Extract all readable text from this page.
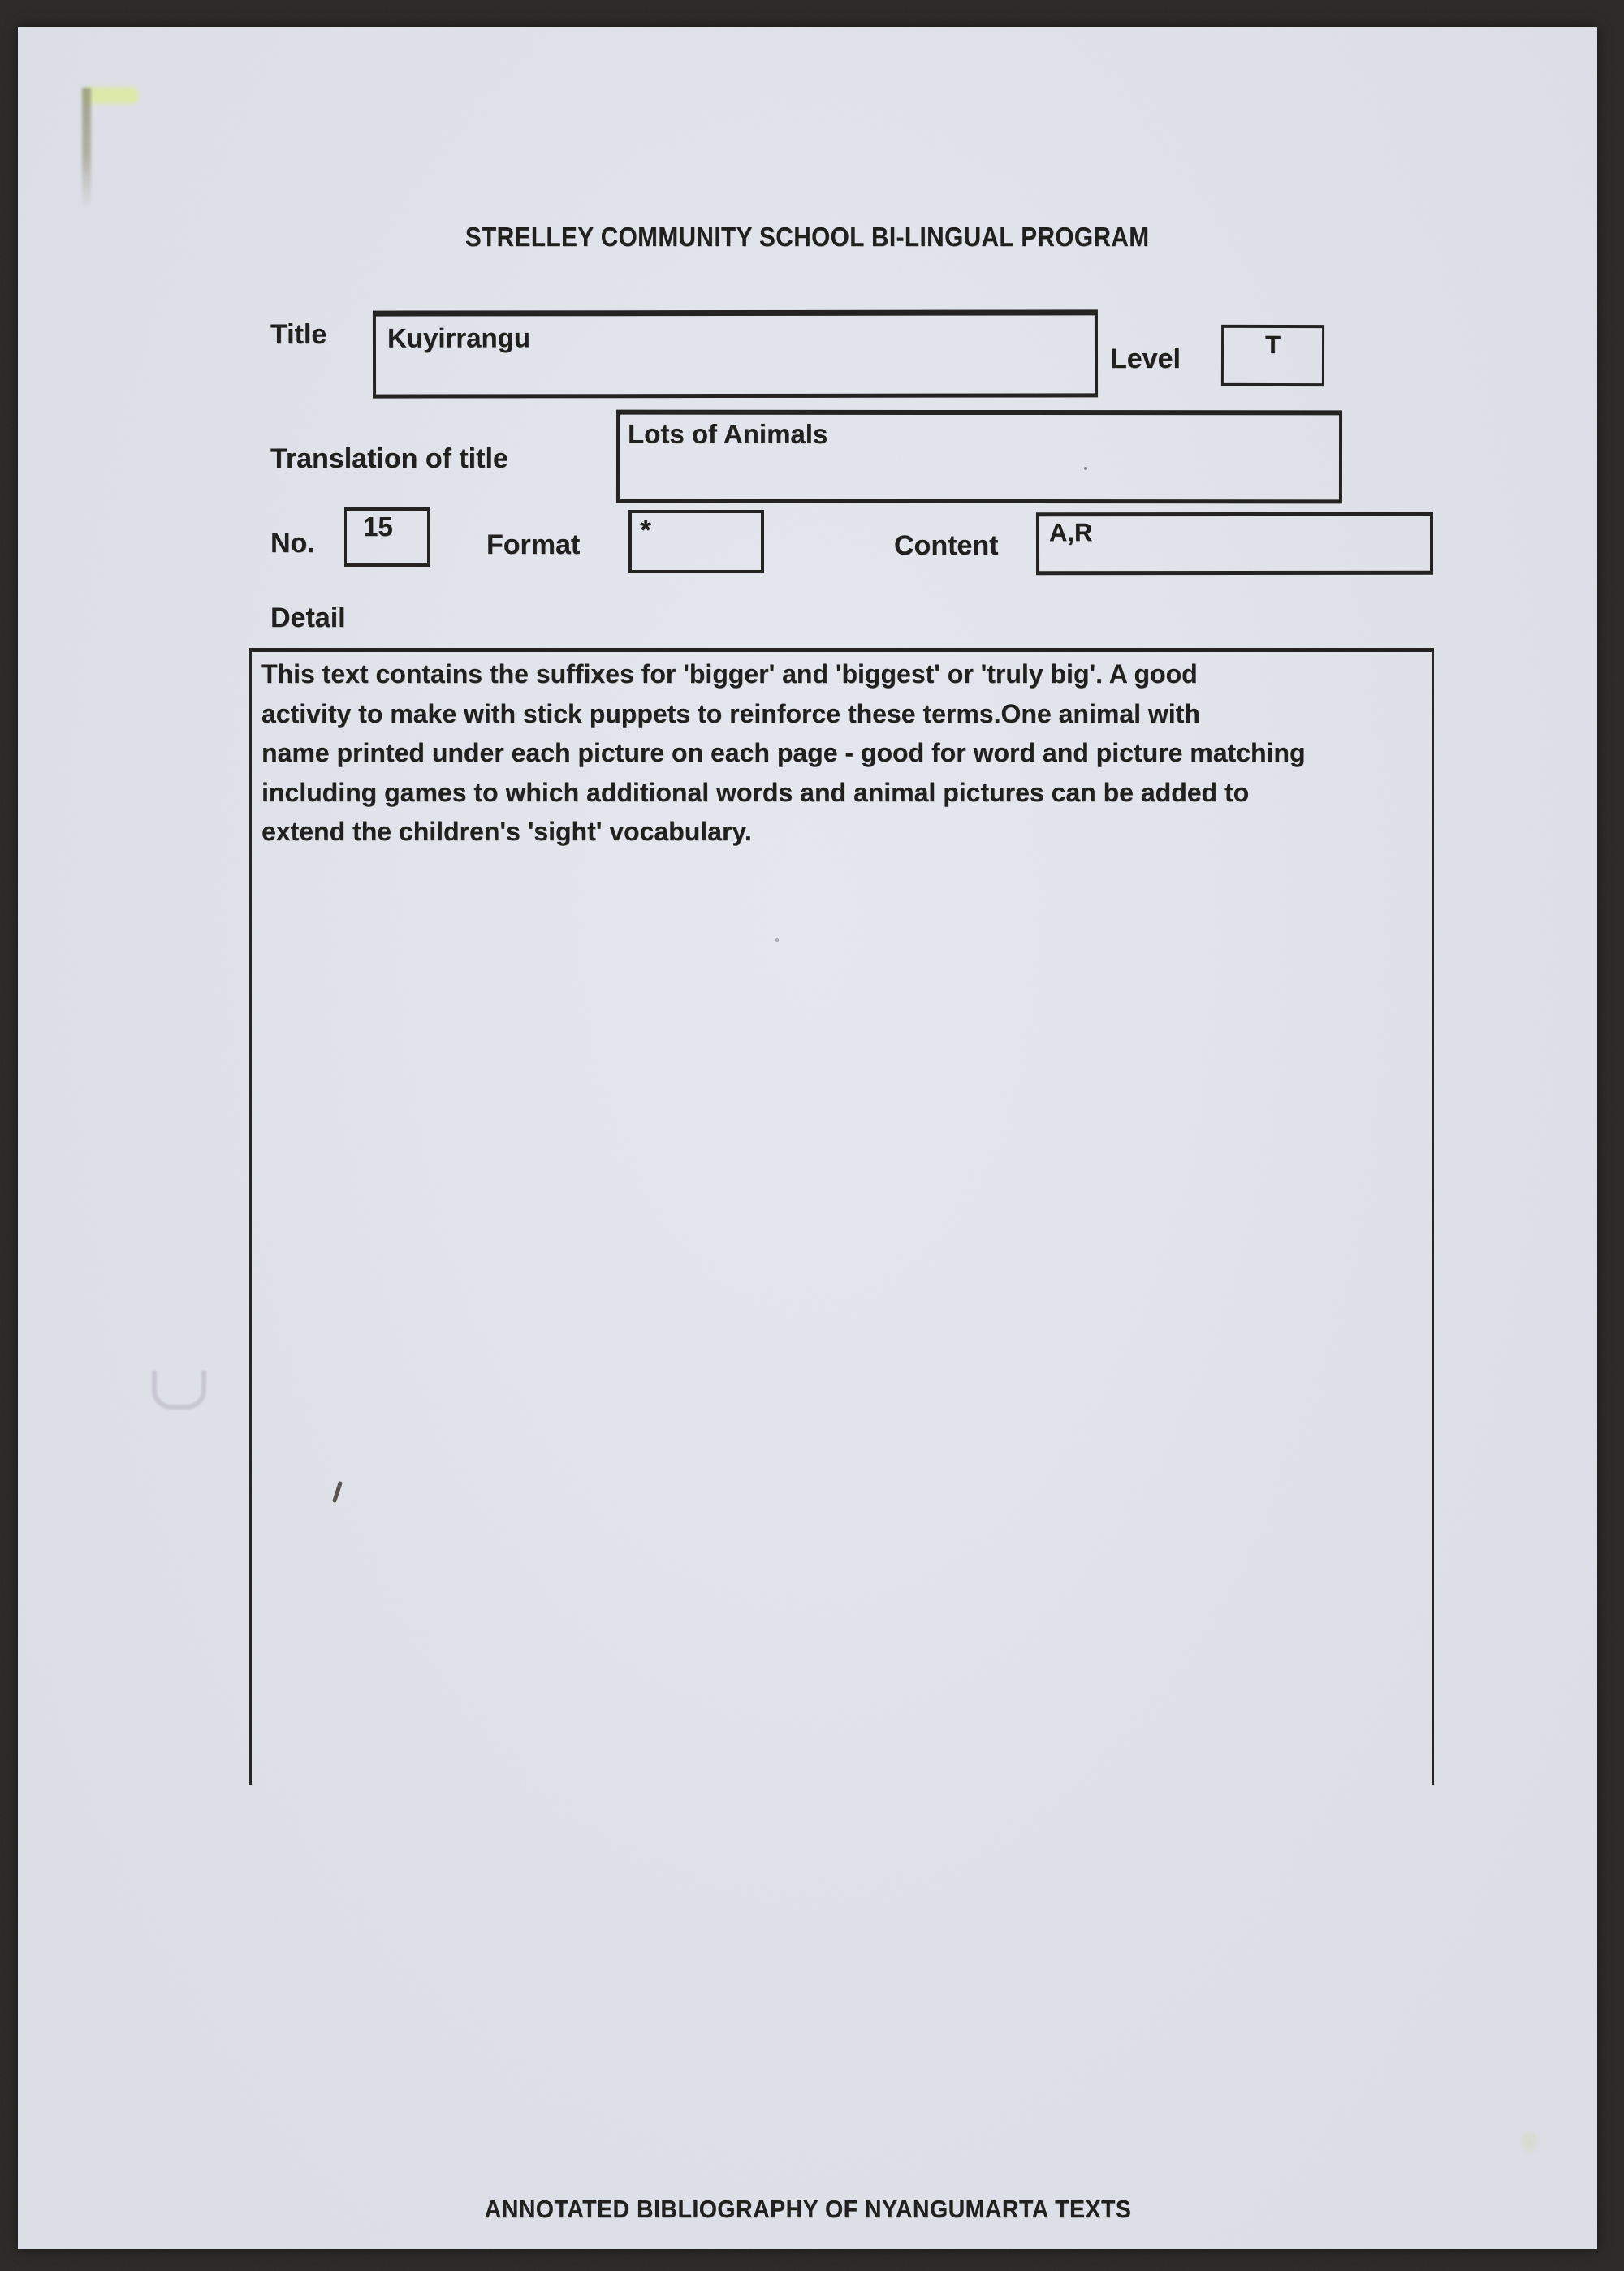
STRELLEY COMMUNITY SCHOOL BI-LINGUAL PROGRAM
Title Kuyirrangu
Level	T
Translation of title
Lots of Animals
No.
15
Format *	Content A,R
Detail
This text contains the suffixes for 'bigger' and 'biggest' or 'truly big'. A good
activity to make with stick puppets to reinforce these terms.One animal with
name printed under each picture on each page - good for word and picture matching
including games to which additional words and animal pictures can be added to
extend the children's 'sight' vocabulary.
ANNOTATED BIBLIOGRAPHY OF NYANGUMARTA TEXTS
